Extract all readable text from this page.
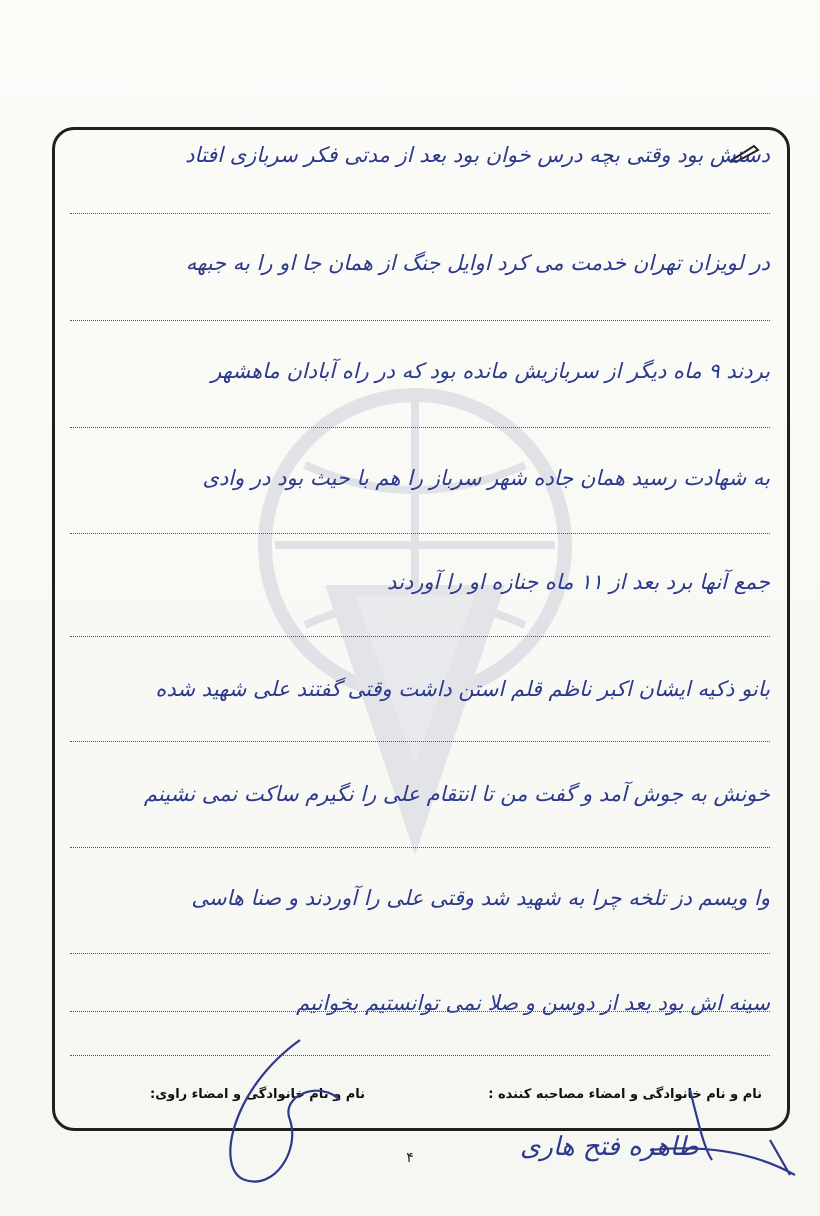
دستش بود وقتی بچه درس خوان بود بعد از مدتی فکر سربازی افتاد
در لویزان تهران خدمت می کرد اوایل جنگ از همان جا او را به جبهه
بردند ۹ ماه دیگر از سربازیش مانده بود که در راه آبادان ماهشهر
به شهادت رسید همان جاده شهر سرباز را هم با حیث بود در وادی
جمع آنها برد بعد از ۱۱ ماه جنازه او را آوردند
بانو ذکیه ایشان اکبر ناظم قلم استن داشت وقتی گفتند علی شهید شده
خونش به جوش آمد و گفت من تا انتقام علی را نگیرم ساکت نمی نشینم
وا ویسم دز تلخه چرا به شهید شد وقتی علی را آوردند و صنا هاسی
سینه اش بود بعد از دوسن و صلا نمی توانستیم بخوانیم
نام و نام خانوادگی و امضاء مصاحبه کننده :
نام و نام خانوادگی و امضاء راوی:
طاهره فتح هاری
۴
